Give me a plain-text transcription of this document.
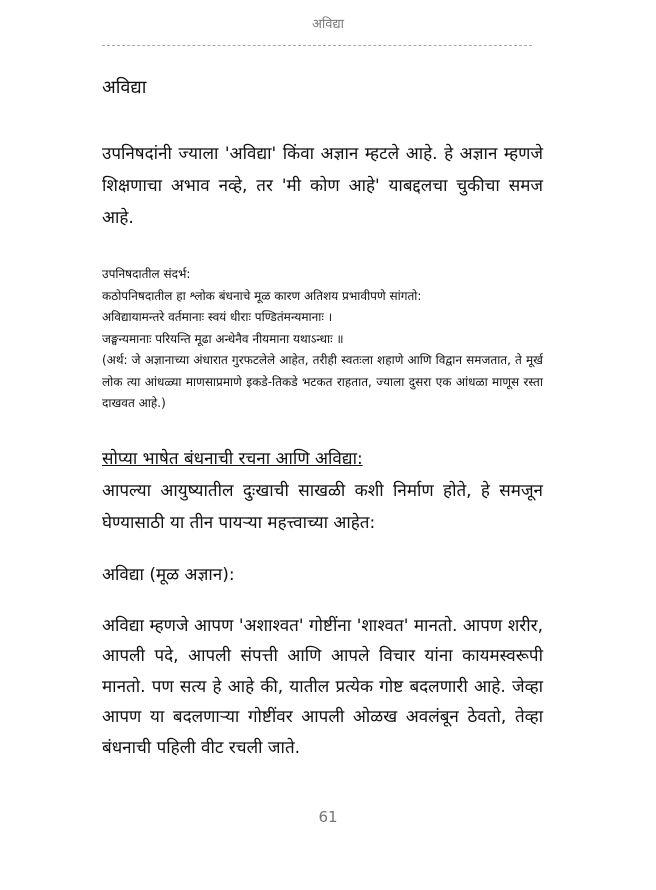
अविद्या
अविद्या

उपनिषदांनी ज्याला 'अविद्या' किंवा अज्ञान म्हटले आहे. हे अज्ञान म्हणजे शिक्षणाचा अभाव नव्हे, तर 'मी कोण आहे' याबद्दलचा चुकीचा समज आहे.

उपनिषदातील संदर्भ:
कठोपनिषदातील हा श्लोक बंधनाचे मूळ कारण अतिशय प्रभावीपणे सांगतो:
अविद्यायामन्तरे वर्तमानाः स्वयं धीराः पण्डितंमन्यमानाः ।
जङ्घन्यमानाः परियन्ति मूढा अन्धेनैव नीयमाना यथाऽन्धाः ॥
(अर्थ: जे अज्ञानाच्या अंधारात गुरफटलेले आहेत, तरीही स्वतःला शहाणे आणि विद्वान समजतात, ते मूर्ख लोक त्या आंधळ्या माणसाप्रमाणे इकडे-तिकडे भटकत राहतात, ज्याला दुसरा एक आंधळा माणूस रस्ता दाखवत आहे.)
सोप्या भाषेत बंधनाची रचना आणि अविद्या:

आपल्या आयुष्यातील दुःखाची साखळी कशी निर्माण होते, हे समजून घेण्यासाठी या तीन पायऱ्या महत्त्वाच्या आहेत:

अविद्या (मूळ अज्ञान):

अविद्या म्हणजे आपण 'अशाश्वत' गोष्टींना 'शाश्वत' मानतो. आपण शरीर, आपली पदे, आपली संपत्ती आणि आपले विचार यांना कायमस्वरूपी मानतो. पण सत्य हे आहे की, यातील प्रत्येक गोष्ट बदलणारी आहे. जेव्हा आपण या बदलणाऱ्या गोष्टींवर आपली ओळख अवलंबून ठेवतो, तेव्हा बंधनाची पहिली वीट रचली जाते.

61
